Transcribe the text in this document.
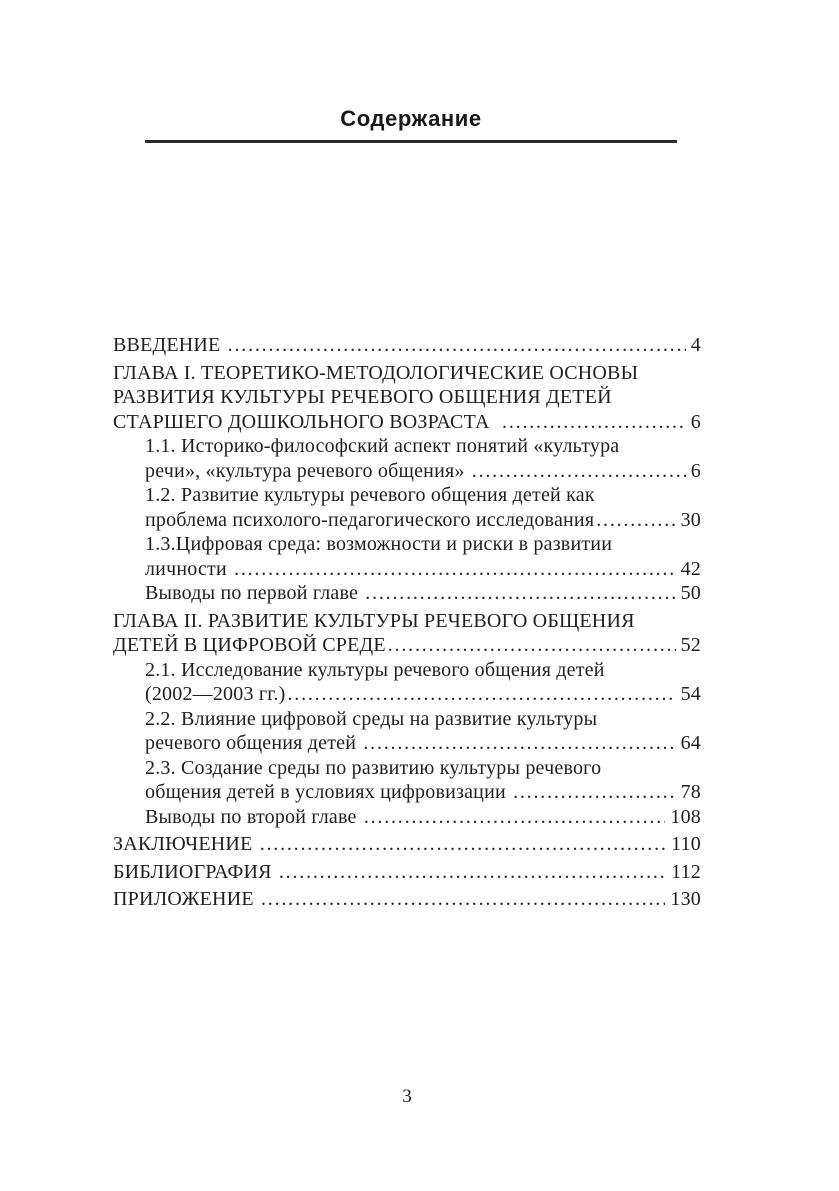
Содержание
ВВЕДЕНИЕ .....	4
ГЛАВА I. ТЕОРЕТИКО-МЕТОДОЛОГИЧЕСКИЕ ОСНОВЫ
РАЗВИТИЯ КУЛЬТУРЫ РЕЧЕВОГО ОБЩЕНИЯ ДЕТЕЙ
СТАРШЕГО ДОШКОЛЬНОГО ВОЗРАСТА .....	6
1.1. Историко-философский аспект понятий «культура
речи», «культура речевого общения» .....	6
1.2. Развитие культуры речевого общения детей как
проблема психолого-педагогического исследования .....	30
1.3.Цифровая среда: возможности и риски в развитии
личности .....	42
Выводы по первой главе .....	50
ГЛАВА II. РАЗВИТИЕ КУЛЬТУРЫ РЕЧЕВОГО ОБЩЕНИЯ
ДЕТЕЙ В ЦИФРОВОЙ СРЕДЕ .....	52
2.1. Исследование культуры речевого общения детей
(2002—2003 гг.) .....	54
2.2. Влияние цифровой среды на развитие культуры
речевого общения детей .....	64
2.3. Создание среды по развитию культуры речевого
общения детей в условиях цифровизации .....	78
Выводы по второй главе .....	108
ЗАКЛЮЧЕНИЕ .....	110
БИБЛИОГРАФИЯ .....	112
ПРИЛОЖЕНИЕ .....	130
3
